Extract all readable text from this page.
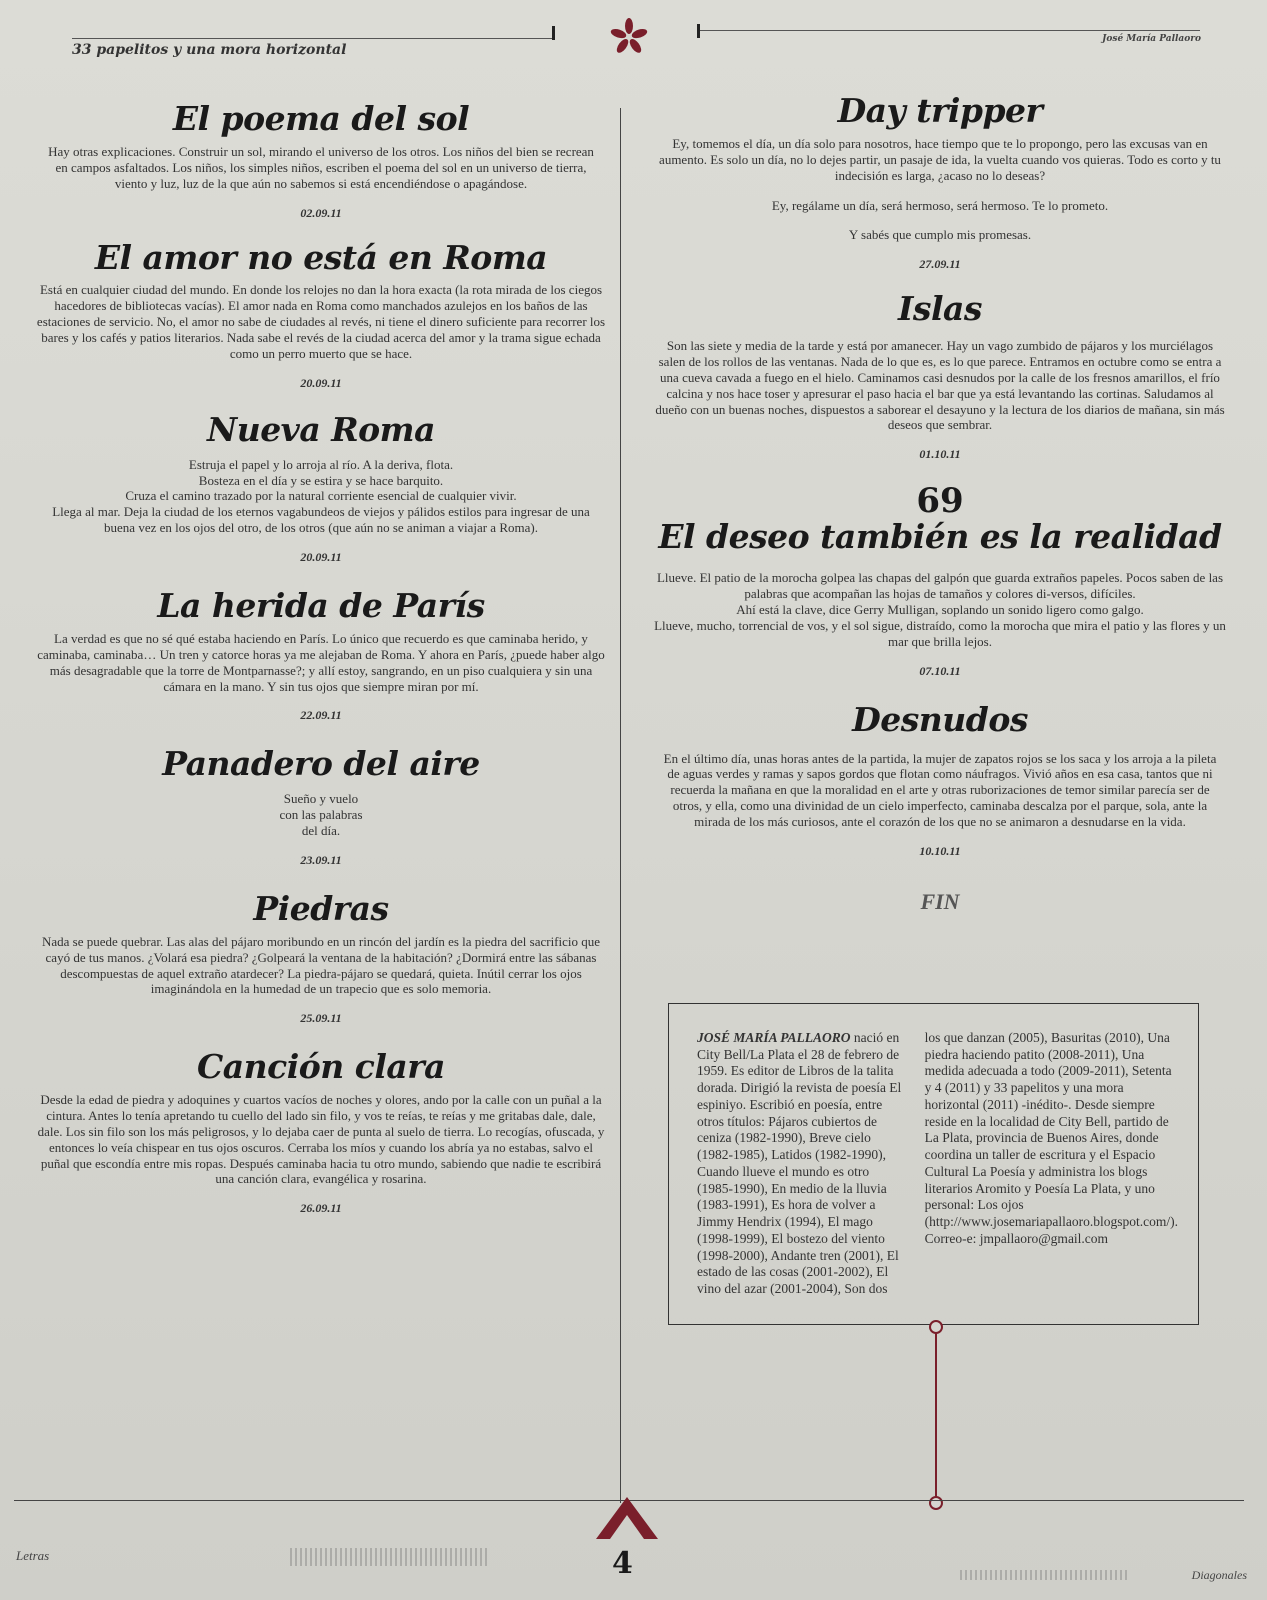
33 papelitos y una mora horizontal
José María Pallaoro
El poema del sol

Hay otras explicaciones. Construir un sol, mirando el universo de los otros. Los niños del bien se recrean en campos asfaltados. Los niños, los simples niños, escriben el poema del sol en un universo de tierra, viento y luz, luz de la que aún no sabemos si está encendiéndose o apagándose.

02.09.11

El amor no está en Roma

Está en cualquier ciudad del mundo. En donde los relojes no dan la hora exacta (la rota mirada de los ciegos hacedores de bibliotecas vacías). El amor nada en Roma como manchados azulejos en los baños de las estaciones de servicio. No, el amor no sabe de ciudades al revés, ni tiene el dinero suficiente para recorrer los bares y los cafés y patios literarios. Nada sabe el revés de la ciudad acerca del amor y la trama sigue echada como un perro muerto que se hace.

20.09.11

Nueva Roma

Estruja el papel y lo arroja al río. A la deriva, flota.

Bosteza en el día y se estira y se hace barquito.

Cruza el camino trazado por la natural corriente esencial de cualquier vivir.

Llega al mar. Deja la ciudad de los eternos vagabundeos de viejos y pálidos estilos para ingresar de una buena vez en los ojos del otro, de los otros (que aún no se animan a viajar a Roma).

20.09.11

La herida de París

La verdad es que no sé qué estaba haciendo en París. Lo único que recuerdo es que caminaba herido, y caminaba, caminaba… Un tren y catorce horas ya me alejaban de Roma. Y ahora en París, ¿puede haber algo más desagradable que la torre de Montparnasse?; y allí estoy, sangrando, en un piso cualquiera y sin una cámara en la mano. Y sin tus ojos que siempre miran por mí.

22.09.11

Panadero del aire

Sueño y vuelo

con las palabras

del día.

23.09.11

Piedras

Nada se puede quebrar. Las alas del pájaro moribundo en un rincón del jardín es la piedra del sacrificio que cayó de tus manos. ¿Volará esa piedra? ¿Golpeará la ventana de la habitación? ¿Dormirá entre las sábanas descompuestas de aquel extraño atardecer? La piedra-pájaro se quedará, quieta. Inútil cerrar los ojos imaginándola en la humedad de un trapecio que es solo memoria.

25.09.11

Canción clara

Desde la edad de piedra y adoquines y cuartos vacíos de noches y olores, ando por la calle con un puñal a la cintura. Antes lo tenía apretando tu cuello del lado sin filo, y vos te reías, te reías y me gritabas dale, dale, dale. Los sin filo son los más peligrosos, y lo dejaba caer de punta al suelo de tierra. Lo recogías, ofuscada, y entonces lo veía chispear en tus ojos oscuros. Cerraba los míos y cuando los abría ya no estabas, salvo el puñal que escondía entre mis ropas. Después caminaba hacia tu otro mundo, sabiendo que nadie te escribirá una canción clara, evangélica y rosarina.

26.09.11

Day tripper

Ey, tomemos el día, un día solo para nosotros, hace tiempo que te lo propongo, pero las excusas van en aumento. Es solo un día, no lo dejes partir, un pasaje de ida, la vuelta cuando vos quieras. Todo es corto y tu indecisión es larga, ¿acaso no lo deseas?

Ey, regálame un día, será hermoso, será hermoso. Te lo prometo.

Y sabés que cumplo mis promesas.

27.09.11

Islas

Son las siete y media de la tarde y está por amanecer. Hay un vago zumbido de pájaros y los murciélagos salen de los rollos de las ventanas. Nada de lo que es, es lo que parece. Entramos en octubre como se entra a una cueva cavada a fuego en el hielo. Caminamos casi desnudos por la calle de los fresnos amarillos, el frío calcina y nos hace toser y apresurar el paso hacia el bar que ya está levantando las cortinas. Saludamos al dueño con un buenas noches, dispuestos a saborear el desayuno y la lectura de los diarios de mañana, sin más deseos que sembrar.

01.10.11

69
El deseo también es la realidad

Llueve. El patio de la morocha golpea las chapas del galpón que guarda extraños papeles. Pocos saben de las palabras que acompañan las hojas de tamaños y colores di-versos, difíciles.

Ahí está la clave, dice Gerry Mulligan, soplando un sonido ligero como galgo.

Llueve, mucho, torrencial de vos, y el sol sigue, distraído, como la morocha que mira el patio y las flores y un mar que brilla lejos.

07.10.11

Desnudos

En el último día, unas horas antes de la partida, la mujer de zapatos rojos se los saca y los arroja a la pileta de aguas verdes y ramas y sapos gordos que flotan como náufragos. Vivió años en esa casa, tantos que ni recuerda la mañana en que la moralidad en el arte y otras ruborizaciones de temor similar parecía ser de otros, y ella, como una divinidad de un cielo imperfecto, caminaba descalza por el parque, sola, ante la mirada de los más curiosos, ante el corazón de los que no se animaron a desnudarse en la vida.

10.10.11

FIN
JOSÉ MARÍA PALLAORO nació en City Bell/La Plata el 28 de febrero de 1959. Es editor de Libros de la talita dorada. Dirigió la revista de poesía El espiniyo. Escribió en poesía, entre otros títulos: Pájaros cubiertos de ceniza (1982-1990), Breve cielo (1982-1985), Latidos (1982-1990), Cuando llueve el mundo es otro (1985-1990), En medio de la lluvia (1983-1991), Es hora de volver a Jimmy Hendrix (1994), El mago (1998-1999), El bostezo del viento (1998-2000), Andante tren (2001), El estado de las cosas (2001-2002), El vino del azar (2001-2004), Son dos
los que danzan (2005), Basuritas (2010), Una piedra haciendo patito (2008-2011), Una medida adecuada a todo (2009-2011), Setenta y 4 (2011) y 33 papelitos y una mora horizontal (2011) -inédito-. Desde siempre reside en la localidad de City Bell, partido de La Plata, provincia de Buenos Aires, donde coordina un taller de escritura y el Espacio Cultural La Poesía y administra los blogs literarios Aromito y Poesía La Plata, y uno personal: Los ojos (http://www.josemariapallaoro.blogspot.com/).
Correo-e: jmpallaoro@gmail.com
4
Letras
Diagonales
